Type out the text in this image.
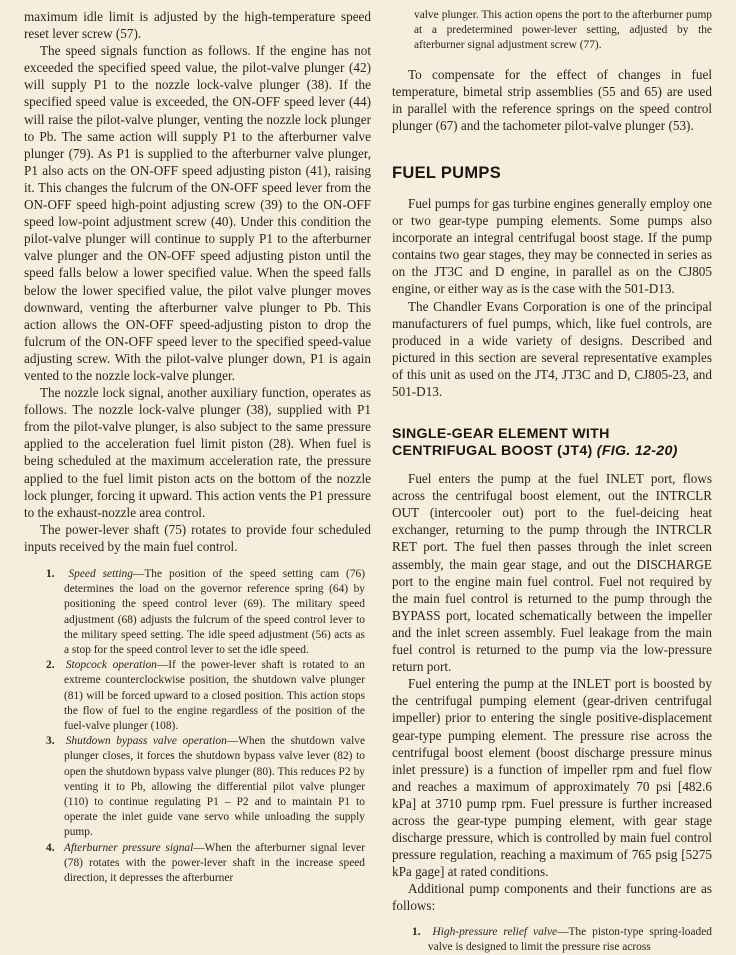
maximum idle limit is adjusted by the high-temperature speed reset lever screw (57).

The speed signals function as follows. If the engine has not exceeded the specified speed value, the pilot-valve plunger (42) will supply P1 to the nozzle lock-valve plunger (38). If the specified speed value is exceeded, the ON-OFF speed lever (44) will raise the pilot-valve plunger, venting the nozzle lock plunger to Pb. The same action will supply P1 to the afterburner valve plunger (79). As P1 is supplied to the afterburner valve plunger, P1 also acts on the ON-OFF speed adjusting piston (41), raising it. This changes the fulcrum of the ON-OFF speed lever from the ON-OFF speed high-point adjusting screw (39) to the ON-OFF speed low-point adjustment screw (40). Under this condition the pilot-valve plunger will continue to supply P1 to the afterburner valve plunger and the ON-OFF speed adjusting piston until the speed falls below a lower specified value. When the speed falls below the lower specified value, the pilot valve plunger moves downward, venting the afterburner valve plunger to Pb. This action allows the ON-OFF speed-adjusting piston to drop the fulcrum of the ON-OFF speed lever to the specified speed-value adjusting screw. With the pilot-valve plunger down, P1 is again vented to the nozzle lock-valve plunger.

The nozzle lock signal, another auxiliary function, operates as follows. The nozzle lock-valve plunger (38), supplied with P1 from the pilot-valve plunger, is also subject to the same pressure applied to the acceleration fuel limit piston (28). When fuel is being scheduled at the maximum acceleration rate, the pressure applied to the fuel limit piston acts on the bottom of the nozzle lock plunger, forcing it upward. This action vents the P1 pressure to the exhaust-nozzle area control.

The power-lever shaft (75) rotates to provide four scheduled inputs received by the main fuel control.

1. Speed setting—The position of the speed setting cam (76) determines the load on the governor reference spring (64) by positioning the speed control lever (69). The military speed adjustment (68) adjusts the fulcrum of the speed control lever to the military speed setting. The idle speed adjustment (56) acts as a stop for the speed control lever to set the idle speed.

2. Stopcock operation—If the power-lever shaft is rotated to an extreme counterclockwise position, the shutdown valve plunger (81) will be forced upward to a closed position. This action stops the flow of fuel to the engine regardless of the position of the fuel-valve plunger (108).

3. Shutdown bypass valve operation—When the shutdown valve plunger closes, it forces the shutdown bypass valve lever (82) to open the shutdown bypass valve plunger (80). This reduces P2 by venting it to Pb, allowing the differential pilot valve plunger (110) to continue regulating P1 – P2 and to maintain P1 to operate the inlet guide vane servo while unloading the supply pump.

4. Afterburner pressure signal—When the afterburner signal lever (78) rotates with the power-lever shaft in the increase speed direction, it depresses the afterburner

valve plunger. This action opens the port to the afterburner pump at a predetermined power-lever setting, adjusted by the afterburner signal adjustment screw (77).

To compensate for the effect of changes in fuel temperature, bimetal strip assemblies (55 and 65) are used in parallel with the reference springs on the speed control plunger (67) and the tachometer pilot-valve plunger (53).

FUEL PUMPS

Fuel pumps for gas turbine engines generally employ one or two gear-type pumping elements. Some pumps also incorporate an integral centrifugal boost stage. If the pump contains two gear stages, they may be connected in series as on the JT3C and D engine, in parallel as on the CJ805 engine, or either way as is the case with the 501-D13.

The Chandler Evans Corporation is one of the principal manufacturers of fuel pumps, which, like fuel controls, are produced in a wide variety of designs. Described and pictured in this section are several representative examples of this unit as used on the JT4, JT3C and D, CJ805-23, and 501-D13.

SINGLE-GEAR ELEMENT WITH CENTRIFUGAL BOOST (JT4) (FIG. 12-20)

Fuel enters the pump at the fuel INLET port, flows across the centrifugal boost element, out the INTRCLR OUT (intercooler out) port to the fuel-deicing heat exchanger, returning to the pump through the INTRCLR RET port. The fuel then passes through the inlet screen assembly, the main gear stage, and out the DISCHARGE port to the engine main fuel control. Fuel not required by the main fuel control is returned to the pump through the BYPASS port, located schematically between the impeller and the inlet screen assembly. Fuel leakage from the main fuel control is returned to the pump via the low-pressure return port.

Fuel entering the pump at the INLET port is boosted by the centrifugal pumping element (gear-driven centrifugal impeller) prior to entering the single positive-displacement gear-type pumping element. The pressure rise across the centrifugal boost element (boost discharge pressure minus inlet pressure) is a function of impeller rpm and fuel flow and reaches a maximum of approximately 70 psi [482.6 kPa] at 3710 pump rpm. Fuel pressure is further increased across the gear-type pumping element, with gear stage discharge pressure, which is controlled by main fuel control pressure regulation, reaching a maximum of 765 psig [5275 kPa gage] at rated conditions.

Additional pump components and their functions are as follows:

1. High-pressure relief valve—The piston-type spring-loaded valve is designed to limit the pressure rise across
